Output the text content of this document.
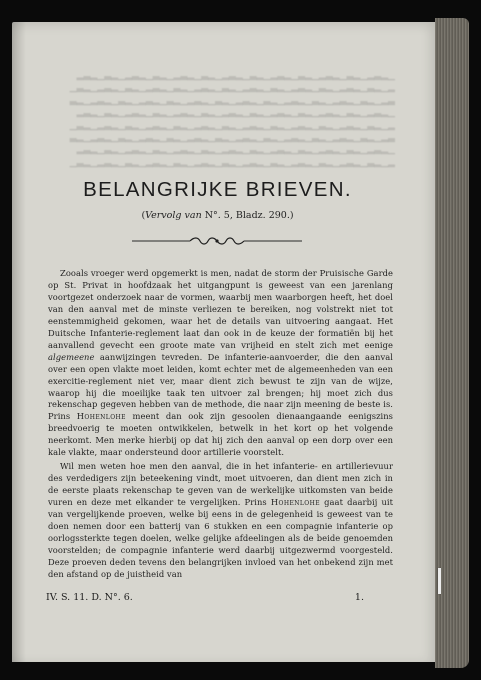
▁▂▃▂▁▂▃▁▂▃▂▁▂▃▁▂▃▂▁▂▃▁▂▃▂▁▂▃▁▂▃▂▁▂▃▁▂▃▂▁▂▃▁▂▃▂
▂▁▂▃▁▂▃▂▁▂▃▁▂▃▂▁▂▃▁▂▃▂▁▂▃▁▂▃▂▁▂▃▁▂▃▂▁▂▃▁▂▃▂▁▂▃▁
▃▂▁▂▃▁▂▃▂▁▂▃▁▂▃▂▁▂▃▁▂▃▂▁▂▃▁▂▃▂▁▂▃▁▂▃▂▁▂▃▁▂▃▂▁▂▃
▁▂▃▂▁▂▃▁▂▃▂▁▂▃▁▂▃▂▁▂▃▁▂▃▂▁▂▃▁▂▃▂▁▂▃▁▂▃▂▁▂▃▁▂▃▂
▂▁▂▃▁▂▃▂▁▂▃▁▂▃▂▁▂▃▁▂▃▂▁▂▃▁▂▃▂▁▂▃▁▂▃▂▁▂▃▁▂▃▂▁▂▃▁
▃▂▁▂▃▁▂▃▂▁▂▃▁▂▃▂▁▂▃▁▂▃▂▁▂▃▁▂▃▂▁▂▃▁▂▃▂▁▂▃▁▂▃▂▁▂▃
▁▂▃▂▁▂▃▁▂▃▂▁▂▃▁▂▃▂▁▂▃▁▂▃▂▁▂▃▁▂▃▂▁▂▃▁▂▃▂▁▂▃▁▂▃▂
▂▁▂▃▁▂▃▂▁▂▃▁▂▃▂▁▂▃▁▂▃▂▁▂▃▁▂▃▂▁▂▃▁▂▃▂▁▂▃▁▂▃▂▁▂▃▁
BELANGRIJKE BRIEVEN.
(Vervolg van N°. 5, Bladz. 290.)

Zooals vroeger werd opgemerkt is men, nadat de storm der Pruisische Garde op St. Privat in hoofdzaak het uitgangpunt is geweest van een jarenlang voortgezet onderzoek naar de vormen, waarbij men waarborgen heeft, het doel van den aanval met de minste verliezen te bereiken, nog volstrekt niet tot eenstemmigheid gekomen, waar het de details van uitvoering aangaat. Het Duitsche Infanterie-reglement laat dan ook in de keuze der formatiën bij het aanvallend gevecht een groote mate van vrijheid en stelt zich met eenige algemeene aanwijzingen tevreden. De infanterie-aanvoerder, die den aanval over een open vlakte moet leiden, komt echter met de algemeenheden van een exercitie-reglement niet ver, maar dient zich bewust te zijn van de wijze, waarop hij die moeilijke taak ten uitvoer zal brengen; hij moet zich dus rekenschap gegeven hebben van de methode, die naar zijn meening de beste is. Prins Hohenlohe meent dan ook zijn gesoolen dienaangaande eenigszins breedvoerig te moeten ontwikkelen, betwelk in het kort op het volgende neerkomt. Men merke hierbij op dat hij zich den aanval op een dorp over een kale vlakte, maar ondersteund door artillerie voorstelt.

Wil men weten hoe men den aanval, die in het infanterie- en artillerievuur des verdedigers zijn beteekening vindt, moet uitvoeren, dan dient men zich in de eerste plaats rekenschap te geven van de werkelijke uitkomsten van beide vuren en deze met elkander te vergelijken. Prins Hohenlohe gaat daarbij uit van vergelijkende proeven, welke bij eens in de gelegenheid is geweest van te doen nemen door een batterij van 6 stukken en een compagnie infanterie op oorlogssterkte tegen doelen, welke gelijke afdeelingen als de beide genoemden voorstelden; de compagnie infanterie werd daarbij uitgezwermd voorgesteld. Deze proeven deden tevens den belangrijken invloed van het onbekend zijn met den afstand op de juistheid van

IV. S. 11. D. N°. 6.	1.
